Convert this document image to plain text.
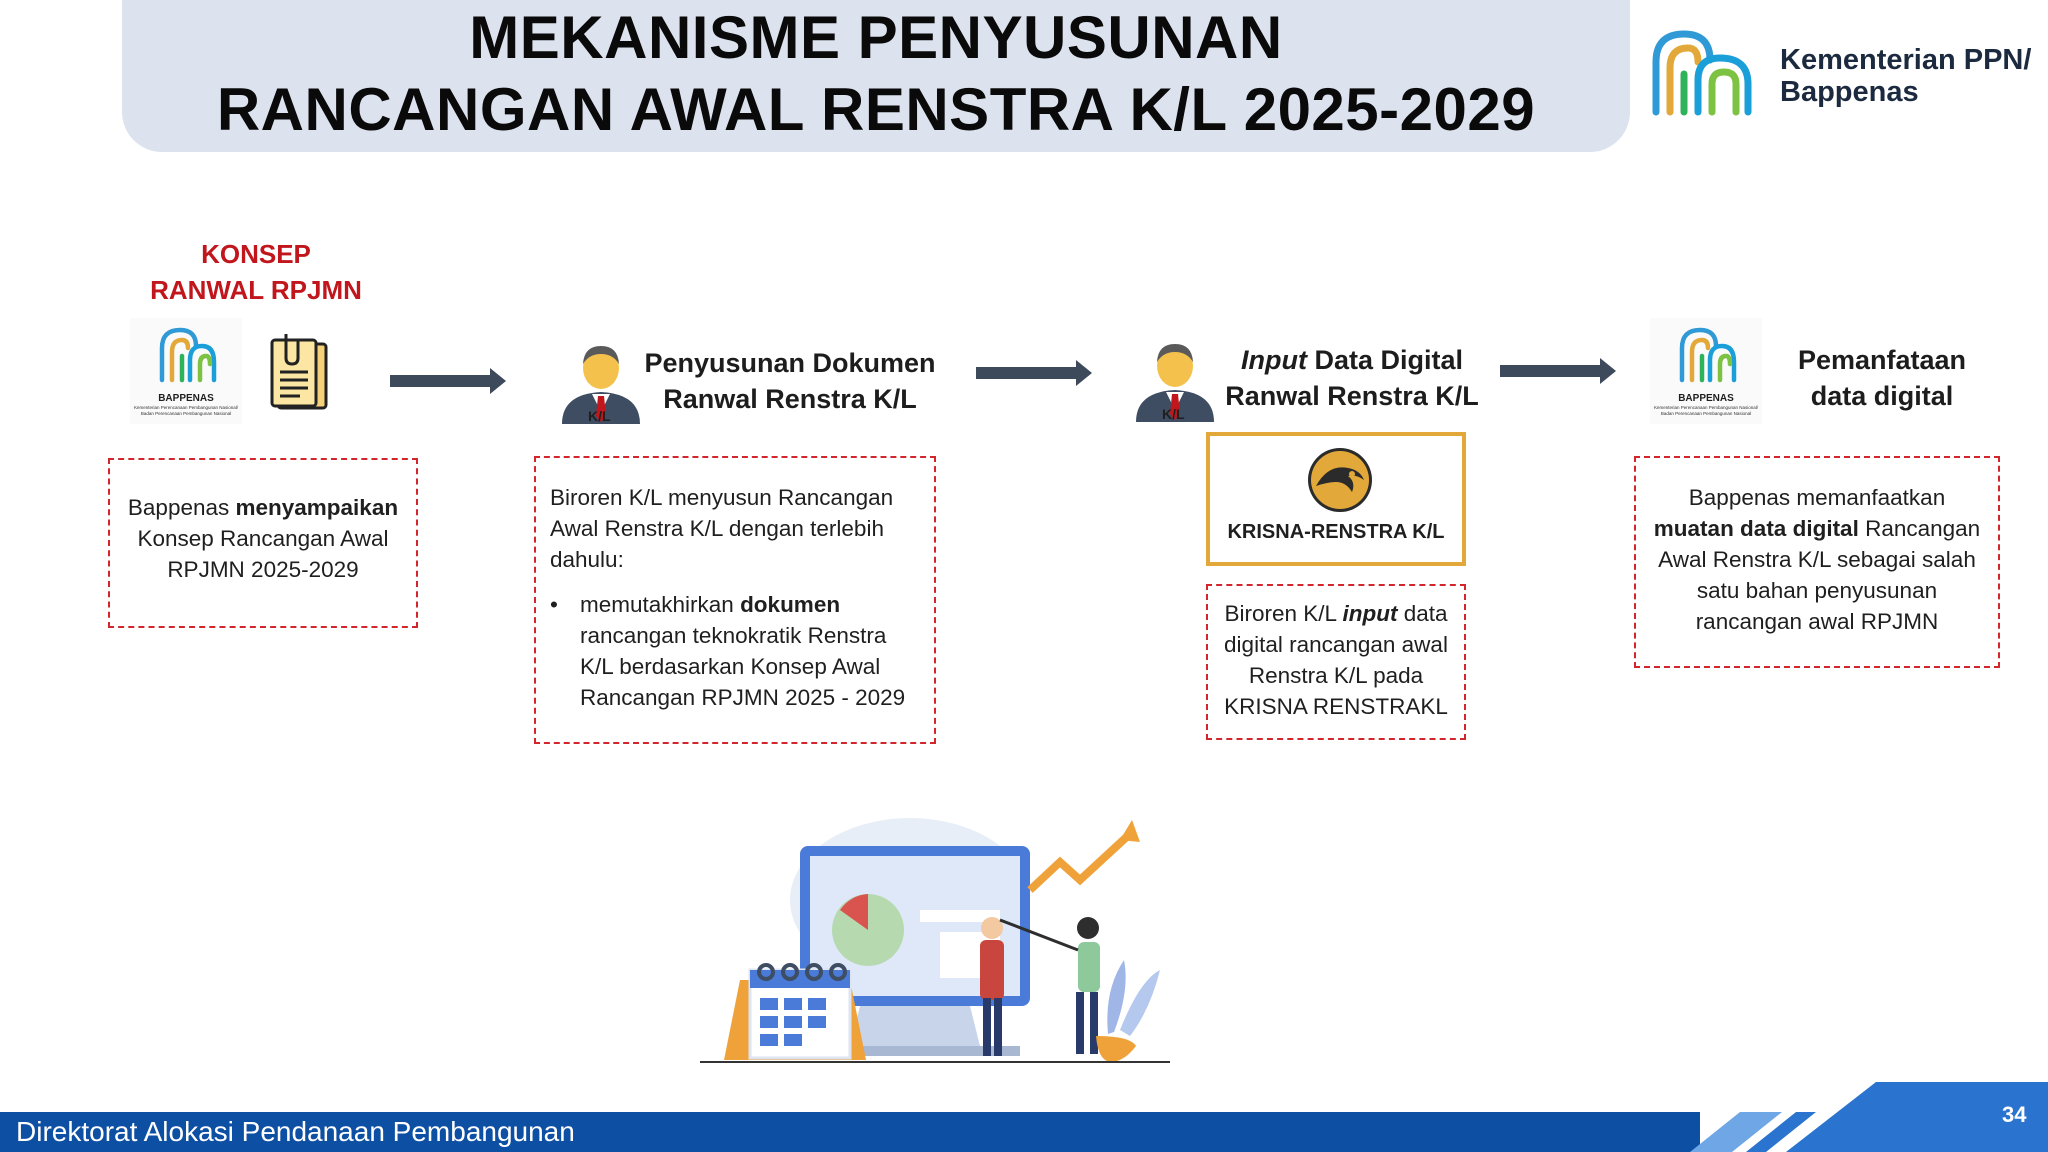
MEKANISME PENYUSUNAN
RANCANGAN AWAL RENSTRA K/L 2025-2029
Kementerian PPN/
Bappenas
KONSEP
RANWAL RPJMN
BAPPENAS
Kementerian Perencanaan Pembangunan Nasional/
Badan Perencanaan Pembangunan Nasional
Bappenas menyampaikan Konsep Rancangan Awal RPJMN 2025-2029
K/L
Penyusunan Dokumen
Ranwal Renstra K/L
Biroren K/L menyusun Rancangan Awal Renstra K/L dengan terlebih dahulu:
• memutakhirkan dokumen rancangan teknokratik Renstra K/L berdasarkan Konsep Awal Rancangan RPJMN 2025 - 2029
K/L
Input Data Digital
Ranwal Renstra K/L
KRISNA-RENSTRA K/L
Biroren K/L input data digital rancangan awal Renstra K/L pada KRISNA RENSTRAKL
BAPPENAS
Kementerian Perencanaan Pembangunan Nasional/
Badan Perencanaan Pembangunan Nasional
Pemanfataan
data digital
Bappenas memanfaatkan muatan data digital Rancangan Awal Renstra K/L sebagai salah satu bahan penyusunan rancangan awal RPJMN
Direktorat Alokasi Pendanaan Pembangunan
34
